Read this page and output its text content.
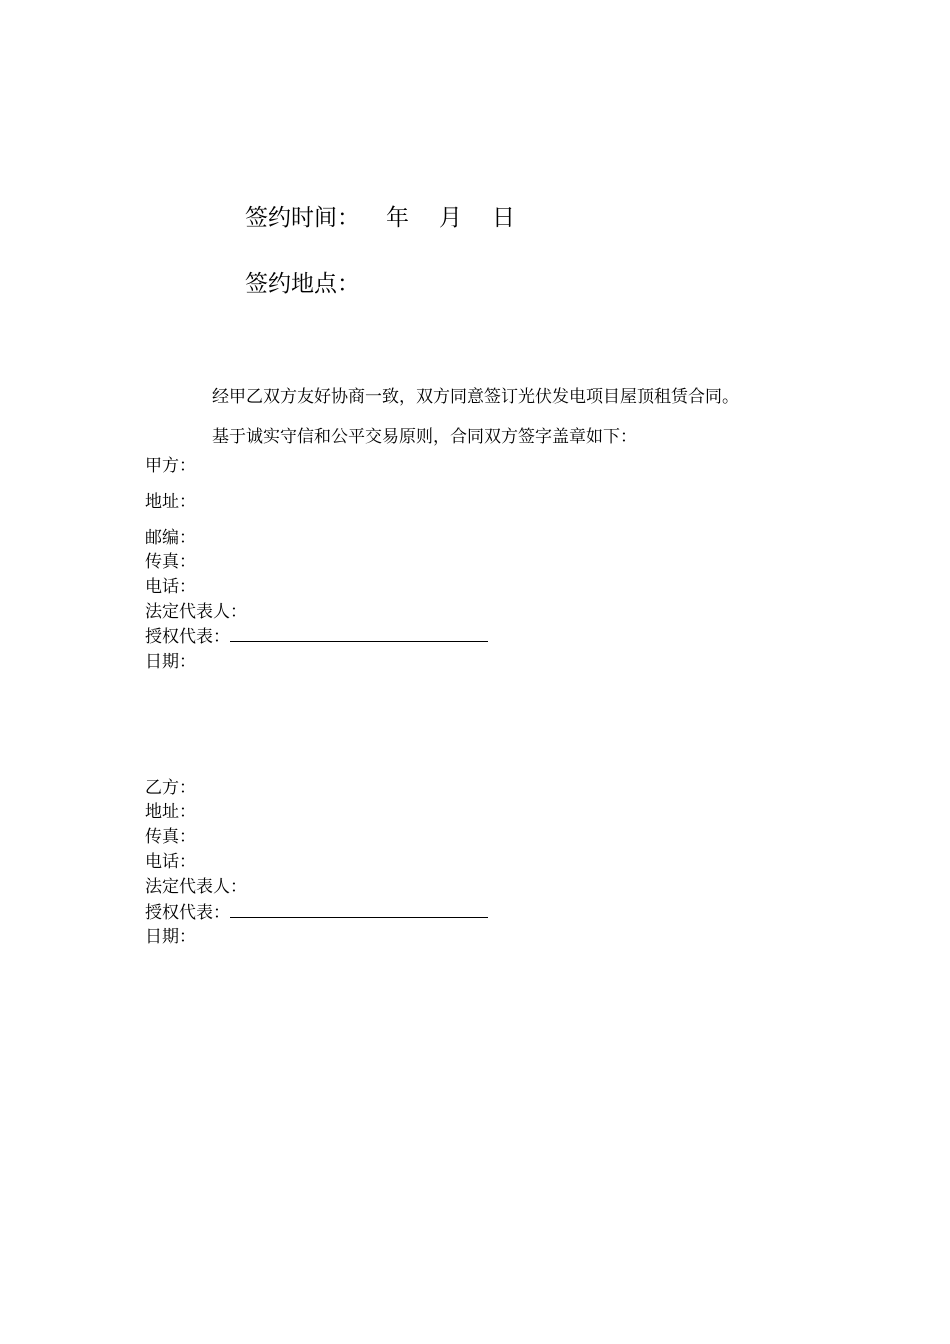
签约时间： 年 月 日
签约地点：
经甲乙双方友好协商一致，双方同意签订光伏发电项目屋顶租赁合同。
基于诚实守信和公平交易原则，合同双方签字盖章如下：
甲方：
地址：
邮编：
传真：
电话：
法定代表人：
授权代表：
日期：
乙方：
地址：
传真：
电话：
法定代表人：
授权代表：
日期：
